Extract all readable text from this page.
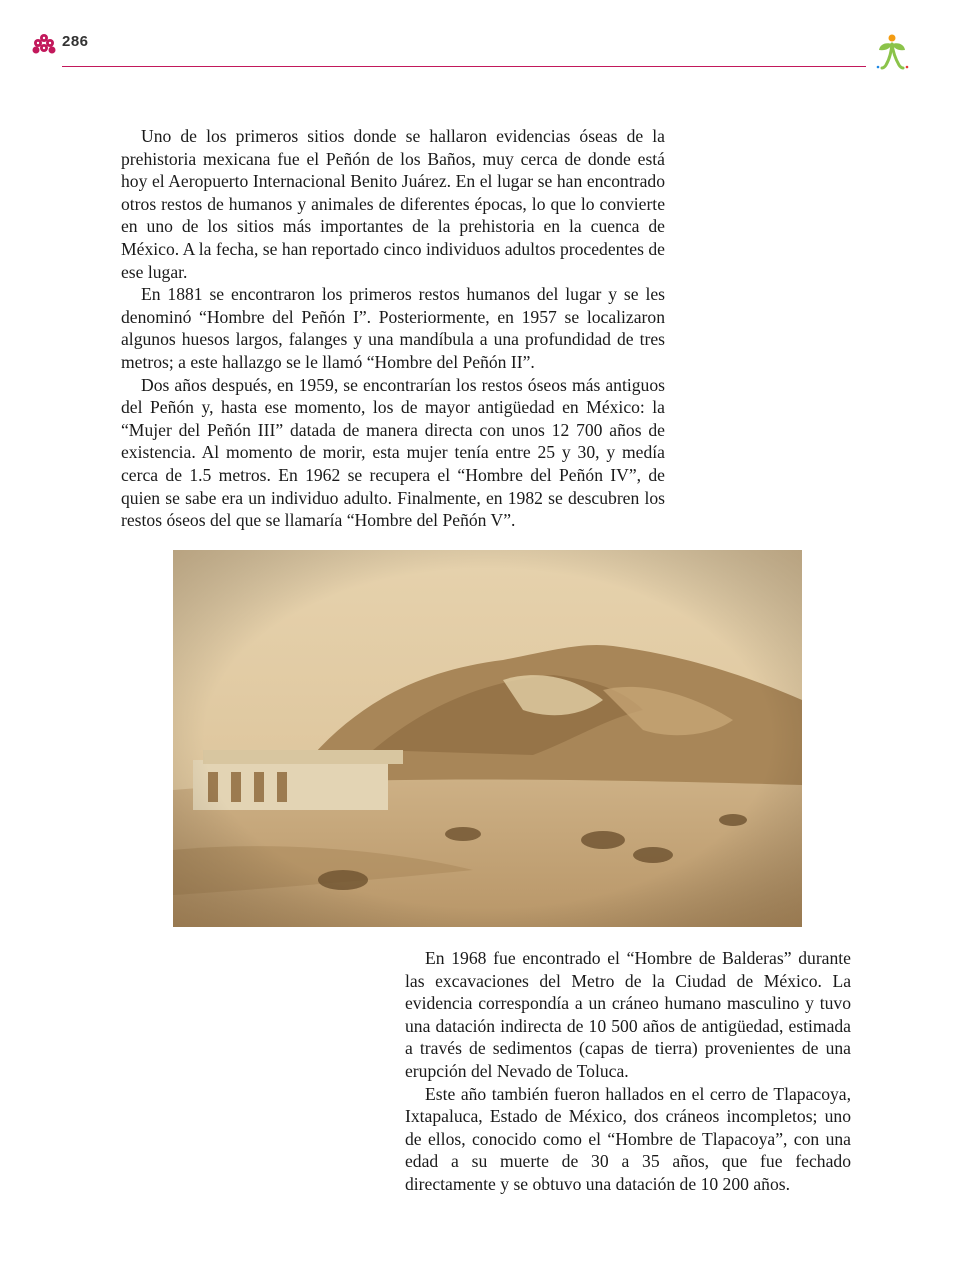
286

Uno de los primeros sitios donde se hallaron evidencias óseas de la prehistoria mexicana fue el Peñón de los Baños, muy cerca de donde está hoy el Aeropuerto Internacional Benito Juárez. En el lugar se han encontrado otros restos de humanos y animales de diferentes épocas, lo que lo convierte en uno de los sitios más importantes de la prehistoria en la cuenca de México. A la fecha, se han reportado cinco individuos adultos procedentes de ese lugar.

En 1881 se encontraron los primeros restos humanos del lugar y se les denominó “Hombre del Peñón I”. Posteriormente, en 1957 se localizaron algunos huesos largos, falanges y una mandíbula a una profundidad de tres metros; a este hallazgo se le llamó “Hombre del Peñón II”.

Dos años después, en 1959, se encontrarían los restos óseos más antiguos del Peñón y, hasta ese momento, los de mayor antigüedad en México: la “Mujer del Peñón III” datada de manera directa con unos 12 700 años de existencia. Al momento de morir, esta mujer tenía entre 25 y 30, y medía cerca de 1.5 metros. En 1962 se recupera el “Hombre del Peñón IV”, de quien se sabe era un individuo adulto. Finalmente, en 1982 se descubren los restos óseos del que se llamaría “Hombre del Peñón V”.

En 1968 fue encontrado el “Hombre de Balderas” durante las excavaciones del Metro de la Ciudad de México. La evidencia correspondía a un cráneo humano masculino y tuvo una datación indirecta de 10 500 años de antigüedad, estimada a través de sedimentos (capas de tierra) provenientes de una erupción del Nevado de Toluca.

Este año también fueron hallados en el cerro de Tlapacoya, Ixtapaluca, Estado de México, dos cráneos incompletos; uno de ellos, conocido como el “Hombre de Tlapacoya”, con una edad a su muerte de 30 a 35 años, que fue fechado directamente y se obtuvo una datación de 10 200 años.
